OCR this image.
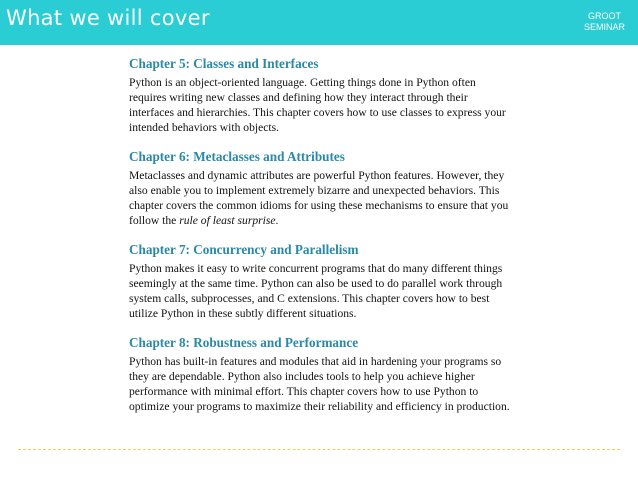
What we will cover	GROOT
SEMINAR
Chapter 5: Classes and Interfaces

Python is an object-oriented language. Getting things done in Python often requires writing new classes and defining how they interact through their interfaces and hierarchies. This chapter covers how to use classes to express your intended behaviors with objects.

Chapter 6: Metaclasses and Attributes

Metaclasses and dynamic attributes are powerful Python features. However, they also enable you to implement extremely bizarre and unexpected behaviors. This chapter covers the common idioms for using these mechanisms to ensure that you follow the rule of least surprise.

Chapter 7: Concurrency and Parallelism

Python makes it easy to write concurrent programs that do many different things seemingly at the same time. Python can also be used to do parallel work through system calls, subprocesses, and C extensions. This chapter covers how to best utilize Python in these subtly different situations.

Chapter 8: Robustness and Performance

Python has built-in features and modules that aid in hardening your programs so they are dependable. Python also includes tools to help you achieve higher performance with minimal effort. This chapter covers how to use Python to optimize your programs to maximize their reliability and efficiency in production.
